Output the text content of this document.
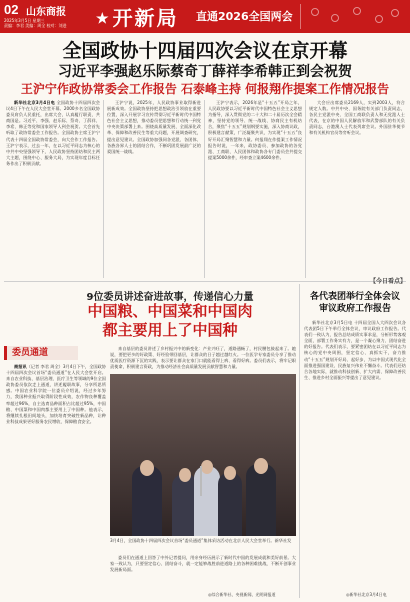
02 山东商报
2025年3月5日 星期三
责编：李君 美编：周全 校对：刘进	★ 开新局	直通2026全国两会
全国政协十四届四次会议在京开幕
习近平李强赵乐际蔡奇丁薛祥李希韩正到会祝贺
王沪宁作政协常委会工作报告 石泰峰主持 何报翔作提案工作情况报告

新华社北京3月4日电 全国政协十四届四次会议4日下午在人民大会堂开幕。2000多名全国政协委员肩负人民重托，出席大会，认真履行职责，共商国是。习近平、李强、赵乐际、蔡奇、丁薛祥、李希、韩正等党和国家领导人到会祝贺。大会首先听取了政协常委会工作报告。全国政协主席王沪宁代表十四届全国政协常委会，向大会作工作报告。王沪宁表示，过去一年，在以习近平同志为核心的中共中央坚强领导下，人民政协坚持团结和民主两大主题，围绕中心、服务大局，为实现年度目标任务作出了积极贡献。

王沪宁说，2025年，人民政协事业取得新进展新成效。全国政协坚持把思想政治引领放在重要位置，深入开展学习宣传贯彻习近平新时代中国特色社会主义思想，推动委员把思想和行动统一到党中央决策部署上来。围绕高质量发展、全面深化改革、保障和改善民生等重大问题，开展调查研究，提出意见建议。全国政协加强同各党派、各团体、各族各界人士的团结合作，不断巩固发展最广泛的爱国统一战线。

王沪宁表示，2026年是“十五五”开局之年，人民政协要以习近平新时代中国特色社会主义思想为指导，深入贯彻党的二十大和二十届历次全会精神，坚持党的领导、统一战线、协商民主有机结合，聚焦“十五五”规划纲要实施，深入协商议政，积极建言献策，广泛凝聚共识，为实现“十五五”良好开局汇聚智慧和力量。何报翔在作提案工作情况报告时说，一年来，政协委员、参加政协的各党派、工商联、人民团体和政协各专门委员会共提交提案5000余件，经审查立案4600余件。

大会应出席委员2169人，实到2003人，符合规定人数。中共中央、国务院有关部门负责同志，各民主党派中央、全国工商联负责人和无党派人士代表，在京的中国人民解放军和武警部队的有关负责同志，台港澳人士代表列席会议。外国驻华使节和有关机构官员等旁听会议。

9位委员讲述奋进故事，传递信心力量
中国粮、中国菜和中国肉
都主要用上了中国种
委员通道

商报讯（记者 李君 周全）3月4日下午，全国政协十四届四次会议首场“委员通道”在人民大会堂开启。来自农业科技、基层治理、医疗卫生等领域的9位全国政协委员依次走上通道，讲述履职故事，分享所思所感。中国农业科学院一位委员介绍说，经过多年努力，我国种业振兴取得阶段性成效，农作物良种覆盖率超过96%，自主选育品种面积占比超过95%，中国粮、中国菜和中国肉都主要用上了中国种。他表示，将继续扎根田间地头，加快培育突破性新品种，让种业科技成果更好服务农民增收、保障粮食安全。

来自基层的委员讲述了乡村振兴中的新变化：产业兴旺了，道路通畅了，村民腰包鼓起来了。她说，要把更多的好政策、好经验带回基层，让群众的日子越过越红火。一位医学专家委员分享了推动优质医疗资源下沉的实践，表示要让群众在家门口就能看得上病、看得好病。委员们表示，将牢记职责使命，积极建言资政，为推动经济社会高质量发展贡献智慧和力量。

3月4日，全国政协十四届四次会议首场“委员通道”集体采访活动在北京人民大会堂举行。新华社发

委员们在通道上回答了中外记者提问，用亲身经历展示了新时代中国的发展成就和美好前景。大家一致认为，只要坚定信心、团结奋斗，就一定能够战胜前进道路上的各种困难挑战，不断开创事业发展新局面。

◎综合新华社、央视新闻、光明网报道
【今日看点】
各代表团举行全体会议
审议政府工作报告

新华社北京3月5日电 十四届全国人大四次会议各代表团5日下午举行全体会议，审议政府工作报告。代表们一致认为，报告总结成绩实事求是，分析形势客观全面，部署工作务实有力，是一个凝心聚力、团结奋进的好报告。代表们表示，要紧密团结在以习近平同志为核心的党中央周围，坚定信心、真抓实干，奋力推动“十五五”规划开好局、起好步，为以中国式现代化全面推进强国建设、民族复兴伟业不懈奋斗。代表们还结合各地实际，就推动科技创新、扩大内需、保障改善民生、推进乡村全面振兴等提出了意见建议。

◎新华社北京3月4日电
